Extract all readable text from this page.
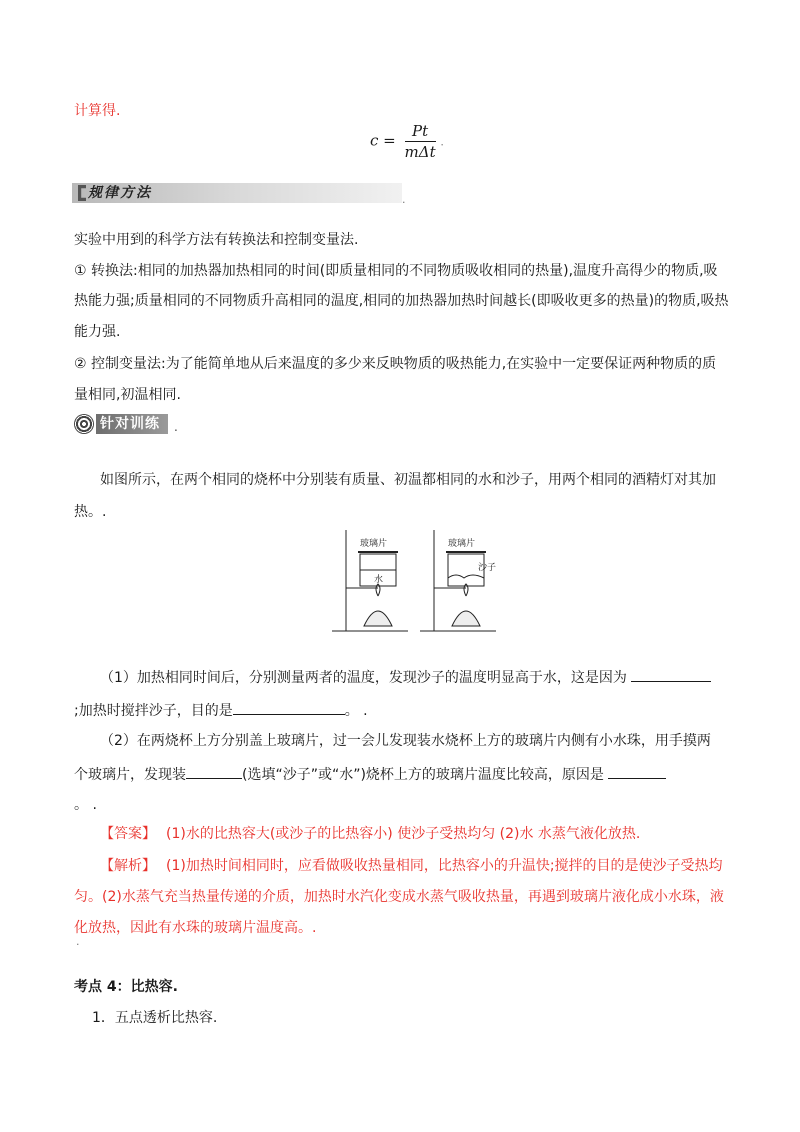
计算得.
$c = \frac{Pt}{\text{mΔt}}$ .
规律方法	.
实验中用到的科学方法有转换法和控制变量法.
① 转换法:相同的加热器加热相同的时间(即质量相同的不同物质吸收相同的热量),温度升高得少的物质,吸
热能力强;质量相同的不同物质升高相同的温度,相同的加热器加热时间越长(即吸收更多的热量)的物质,吸热
能力强.
② 控制变量法:为了能简单地从后来温度的多少来反映物质的吸热能力,在实验中一定要保证两种物质的质
量相同,初温相同.
针对训练	.
如图所示，在两个相同的烧杯中分别装有质量、初温都相同的水和沙子，用两个相同的酒精灯对其加
热。.
玻璃片	玻璃片
水
沙子
（1）加热相同时间后，分别测量两者的温度，发现沙子的温度明显高于水，这是因为
;加热时搅拌沙子，目的是	。 .
（2）在两烧杯上方分别盖上玻璃片，过一会儿发现装水烧杯上方的玻璃片内侧有小水珠，用手摸两
个玻璃片，发现装	(选填“沙子”或“水”)烧杯上方的玻璃片温度比较高，原因是
。 .
【答案】 (1)水的比热容大(或沙子的比热容小) 使沙子受热均匀 (2)水 水蒸气液化放热.
【解析】 (1)加热时间相同时，应看做吸收热量相同，比热容小的升温快;搅拌的目的是使沙子受热均
匀。(2)水蒸气充当热量传递的介质，加热时水汽化变成水蒸气吸收热量，再遇到玻璃片液化成小水珠，液
化放热，因此有水珠的玻璃片温度高。.
·
考点 4：比热容.
1．五点透析比热容.
